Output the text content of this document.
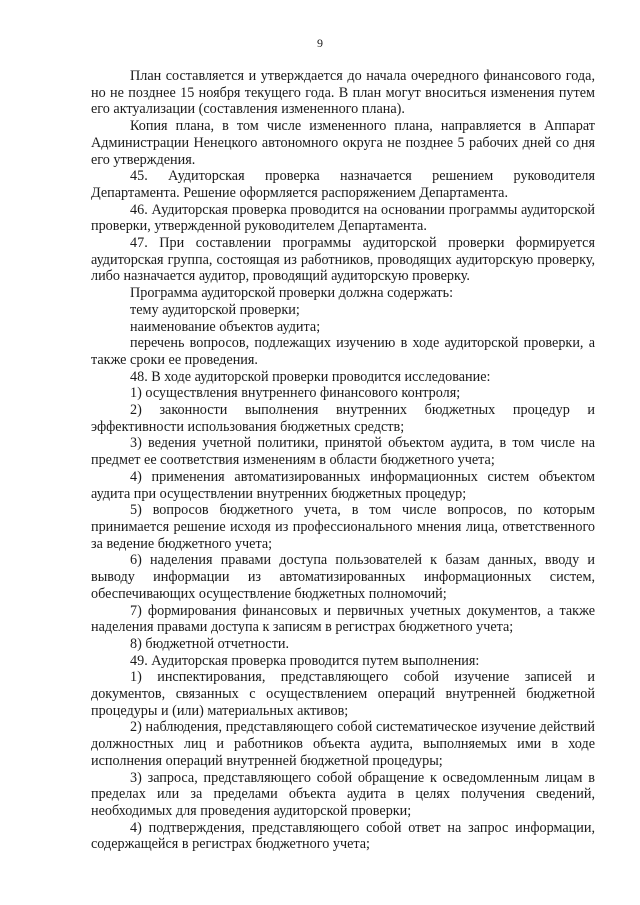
9

План составляется и утверждается до начала очередного финансового года, но не позднее 15 ноября текущего года. В план могут вноситься изменения путем его актуализации (составления измененного плана).

Копия плана, в том числе измененного плана, направляется в Аппарат Администрации Ненецкого автономного округа не позднее 5 рабочих дней со дня его утверждения.

45. Аудиторская проверка назначается решением руководителя Департамента. Решение оформляется распоряжением Департамента.

46. Аудиторская проверка проводится на основании программы аудиторской проверки, утвержденной руководителем Департамента.

47. При составлении программы аудиторской проверки формируется аудиторская группа, состоящая из работников, проводящих аудиторскую проверку, либо назначается аудитор, проводящий аудиторскую проверку.

Программа аудиторской проверки должна содержать:

тему аудиторской проверки;

наименование объектов аудита;

перечень вопросов, подлежащих изучению в ходе аудиторской проверки, а также сроки ее проведения.

48. В ходе аудиторской проверки проводится исследование:

1) осуществления внутреннего финансового контроля;

2) законности выполнения внутренних бюджетных процедур и эффективности использования бюджетных средств;

3) ведения учетной политики, принятой объектом аудита, в том числе на предмет ее соответствия изменениям в области бюджетного учета;

4) применения автоматизированных информационных систем объектом аудита при осуществлении внутренних бюджетных процедур;

5) вопросов бюджетного учета, в том числе вопросов, по которым принимается решение исходя из профессионального мнения лица, ответственного за ведение бюджетного учета;

6) наделения правами доступа пользователей к базам данных, вводу и выводу информации из автоматизированных информационных систем, обеспечивающих осуществление бюджетных полномочий;

7) формирования финансовых и первичных учетных документов, а также наделения правами доступа к записям в регистрах бюджетного учета;

8) бюджетной отчетности.

49. Аудиторская проверка проводится путем выполнения:

1) инспектирования, представляющего собой изучение записей и документов, связанных с осуществлением операций внутренней бюджетной процедуры и (или) материальных активов;

2) наблюдения, представляющего собой систематическое изучение действий должностных лиц и работников объекта аудита, выполняемых ими в ходе исполнения операций внутренней бюджетной процедуры;

3) запроса, представляющего собой обращение к осведомленным лицам в пределах или за пределами объекта аудита в целях получения сведений, необходимых для проведения аудиторской проверки;

4) подтверждения, представляющего собой ответ на запрос информации, содержащейся в регистрах бюджетного учета;
